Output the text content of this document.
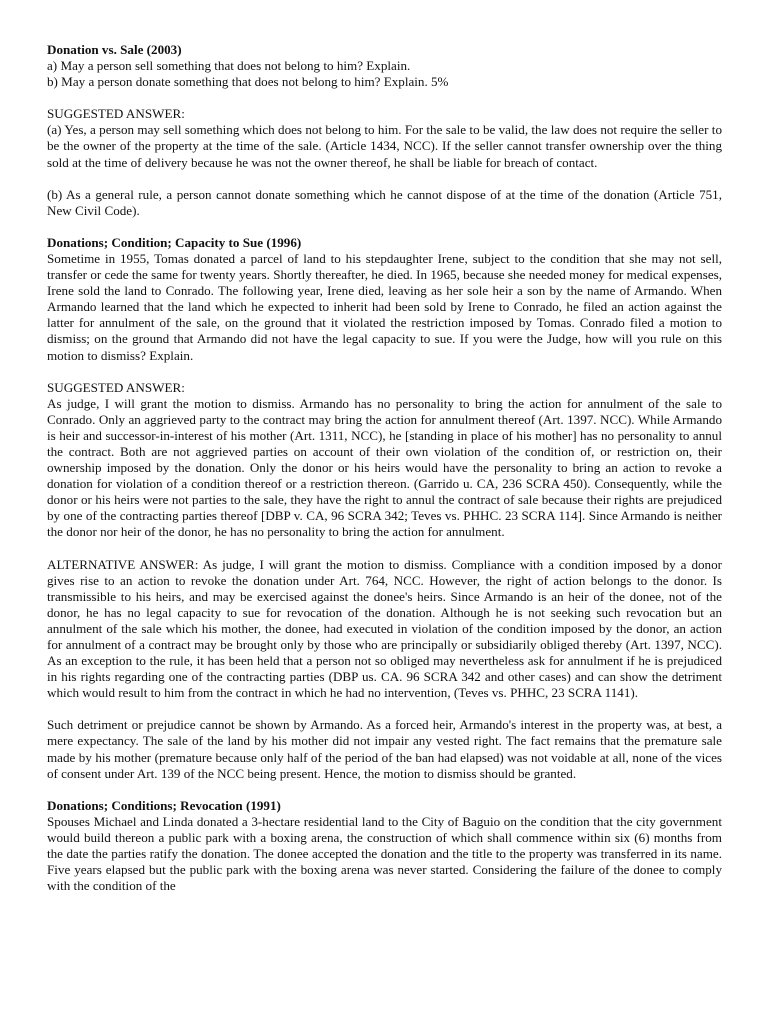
Donation vs. Sale (2003)

a) May a person sell something that does not belong to him? Explain.

b) May a person donate something that does not belong to him? Explain. 5%

SUGGESTED ANSWER:

(a) Yes, a person may sell something which does not belong to him. For the sale to be valid, the law does not require the seller to be the owner of the property at the time of the sale. (Article 1434, NCC). If the seller cannot transfer ownership over the thing sold at the time of delivery because he was not the owner thereof, he shall be liable for breach of contact.

(b) As a general rule, a person cannot donate something which he cannot dispose of at the time of the donation (Article 751, New Civil Code).

Donations; Condition; Capacity to Sue (1996)

Sometime in 1955, Tomas donated a parcel of land to his stepdaughter Irene, subject to the condition that she may not sell, transfer or cede the same for twenty years. Shortly thereafter, he died. In 1965, because she needed money for medical expenses, Irene sold the land to Conrado. The following year, Irene died, leaving as her sole heir a son by the name of Armando. When Armando learned that the land which he expected to inherit had been sold by Irene to Conrado, he filed an action against the latter for annulment of the sale, on the ground that it violated the restriction imposed by Tomas. Conrado filed a motion to dismiss; on the ground that Armando did not have the legal capacity to sue. If you were the Judge, how will you rule on this motion to dismiss? Explain.

SUGGESTED ANSWER:

As judge, I will grant the motion to dismiss. Armando has no personality to bring the action for annulment of the sale to Conrado. Only an aggrieved party to the contract may bring the action for annulment thereof (Art. 1397. NCC). While Armando is heir and successor-in-interest of his mother (Art. 1311, NCC), he [standing in place of his mother] has no personality to annul the contract. Both are not aggrieved parties on account of their own violation of the condition of, or restriction on, their ownership imposed by the donation. Only the donor or his heirs would have the personality to bring an action to revoke a donation for violation of a condition thereof or a restriction thereon. (Garrido u. CA, 236 SCRA 450). Consequently, while the donor or his heirs were not parties to the sale, they have the right to annul the contract of sale because their rights are prejudiced by one of the contracting parties thereof [DBP v. CA, 96 SCRA 342; Teves vs. PHHC. 23 SCRA 114]. Since Armando is neither the donor nor heir of the donor, he has no personality to bring the action for annulment.

ALTERNATIVE ANSWER: As judge, I will grant the motion to dismiss. Compliance with a condition imposed by a donor gives rise to an action to revoke the donation under Art. 764, NCC. However, the right of action belongs to the donor. Is transmissible to his heirs, and may be exercised against the donee's heirs. Since Armando is an heir of the donee, not of the donor, he has no legal capacity to sue for revocation of the donation. Although he is not seeking such revocation but an annulment of the sale which his mother, the donee, had executed in violation of the condition imposed by the donor, an action for annulment of a contract may be brought only by those who are principally or subsidiarily obliged thereby (Art. 1397, NCC). As an exception to the rule, it has been held that a person not so obliged may nevertheless ask for annulment if he is prejudiced in his rights regarding one of the contracting parties (DBP us. CA. 96 SCRA 342 and other cases) and can show the detriment which would result to him from the contract in which he had no intervention, (Teves vs. PHHC, 23 SCRA 1141).

Such detriment or prejudice cannot be shown by Armando. As a forced heir, Armando's interest in the property was, at best, a mere expectancy. The sale of the land by his mother did not impair any vested right. The fact remains that the premature sale made by his mother (premature because only half of the period of the ban had elapsed) was not voidable at all, none of the vices of consent under Art. 139 of the NCC being present. Hence, the motion to dismiss should be granted.

Donations; Conditions; Revocation (1991)

Spouses Michael and Linda donated a 3-hectare residential land to the City of Baguio on the condition that the city government would build thereon a public park with a boxing arena, the construction of which shall commence within six (6) months from the date the parties ratify the donation. The donee accepted the donation and the title to the property was transferred in its name. Five years elapsed but the public park with the boxing arena was never started. Considering the failure of the donee to comply with the condition of the
